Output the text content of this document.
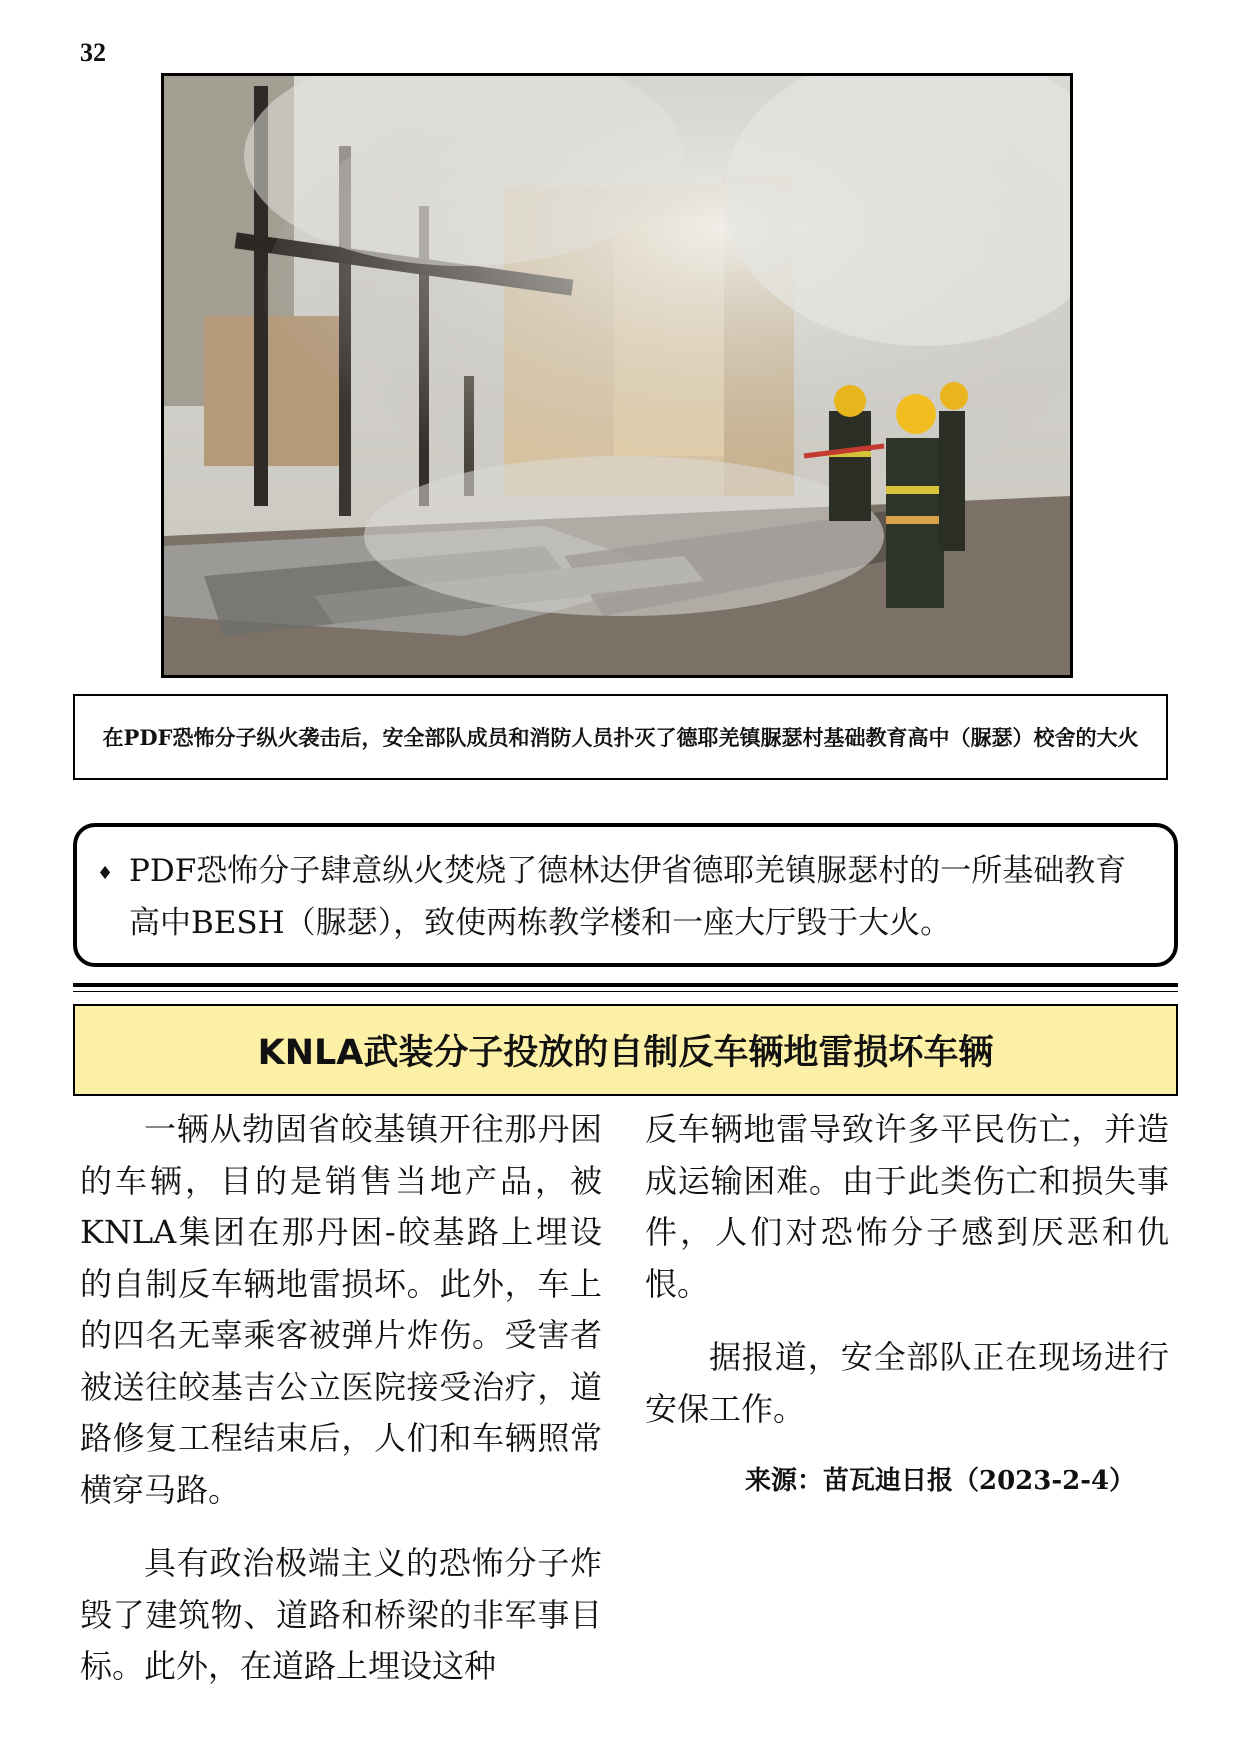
32
在PDF恐怖分子纵火袭击后，安全部队成员和消防人员扑灭了德耶羌镇脲瑟村基础教育高中（脲瑟）校舍的大火
♦ PDF恐怖分子肆意纵火焚烧了德林达伊省德耶羌镇脲瑟村的一所基础教育高中BESH（脲瑟），致使两栋教学楼和一座大厅毁于大火。
KNLA武装分子投放的自制反车辆地雷损坏车辆

一辆从勃固省皎基镇开往那丹困的车辆，目的是销售当地产品，被KNLA集团在那丹困-皎基路上埋设的自制反车辆地雷损坏。此外，车上的四名无辜乘客被弹片炸伤。受害者被送往皎基吉公立医院接受治疗，道路修复工程结束后，人们和车辆照常横穿马路。

具有政治极端主义的恐怖分子炸毁了建筑物、道路和桥梁的非军事目标。此外，在道路上埋设这种

反车辆地雷导致许多平民伤亡，并造成运输困难。由于此类伤亡和损失事件，人们对恐怖分子感到厌恶和仇恨。

据报道，安全部队正在现场进行安保工作。

来源：苗瓦迪日报（2023-2-4）
